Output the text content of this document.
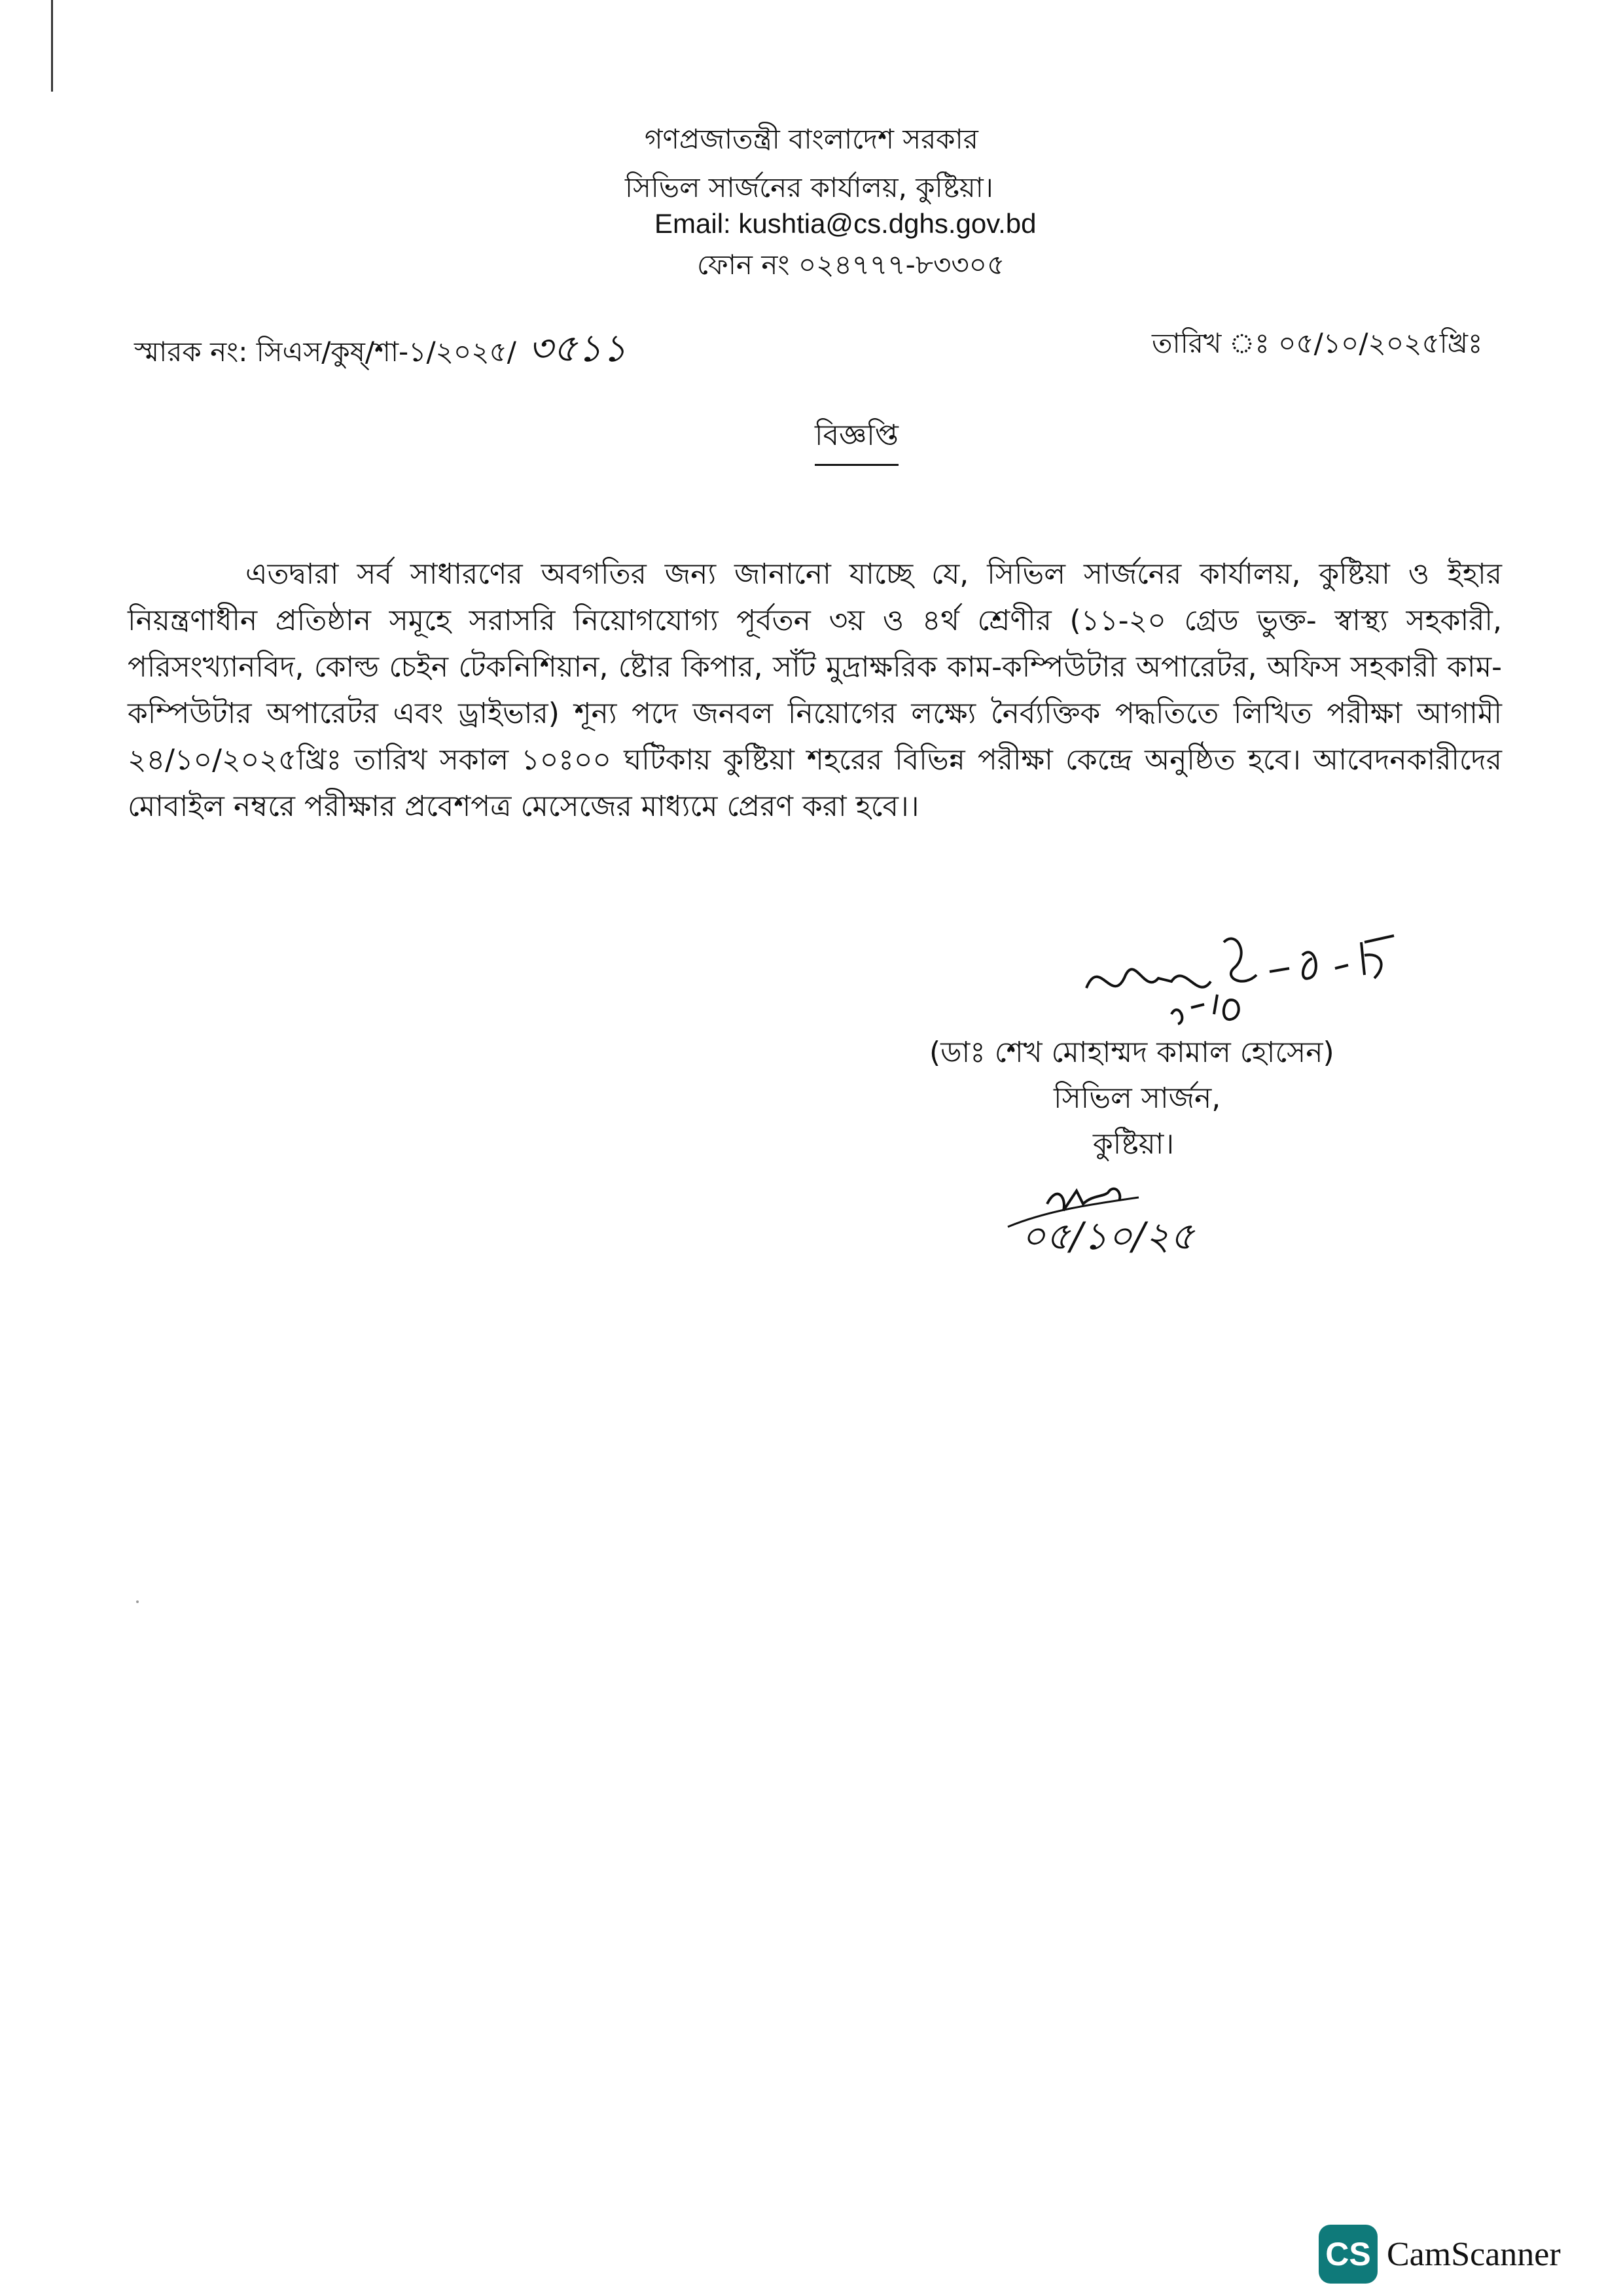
গণপ্রজাতন্ত্রী বাংলাদেশ সরকার
সিভিল সার্জনের কার্যালয়, কুষ্টিয়া।
Email: kushtia@cs.dghs.gov.bd
ফোন নং ০২৪৭৭৭-৮৩৩০৫
স্মারক নং: সিএস/কুষ্/শা-১/২০২৫/ ৩৫১১	তারিখ ঃ ০৫/১০/২০২৫খ্রিঃ
বিজ্ঞপ্তি
এতদ্বারা সর্ব সাধারণের অবগতির জন্য জানানো যাচ্ছে যে, সিভিল সার্জনের কার্যালয়, কুষ্টিয়া ও ইহার নিয়ন্ত্রণাধীন প্রতিষ্ঠান সমূহে সরাসরি নিয়োগযোগ্য পূর্বতন ৩য় ও ৪র্থ শ্রেণীর (১১-২০ গ্রেড ভুক্ত- স্বাস্থ্য সহকারী, পরিসংখ্যানবিদ, কোল্ড চেইন টেকনিশিয়ান, ষ্টোর কিপার, সাঁট মুদ্রাক্ষরিক কাম-কম্পিউটার অপারেটর, অফিস সহকারী কাম-কম্পিউটার অপারেটর এবং ড্রাইভার) শূন্য পদে জনবল নিয়োগের লক্ষ্যে নৈর্ব্যক্তিক পদ্ধতিতে লিখিত পরীক্ষা আগামী ২৪/১০/২০২৫খ্রিঃ তারিখ সকাল ১০ঃ০০ ঘটিকায় কুষ্টিয়া শহরের বিভিন্ন পরীক্ষা কেন্দ্রে অনুষ্ঠিত হবে। আবেদনকারীদের মোবাইল নম্বরে পরীক্ষার প্রবেশপত্র মেসেজের মাধ্যমে প্রেরণ করা হবে।।
(ডাঃ শেখ মোহাম্মদ কামাল হোসেন)
সিভিল সার্জন,
কুষ্টিয়া।
০৫/১০/২৫
CS CamScanner
